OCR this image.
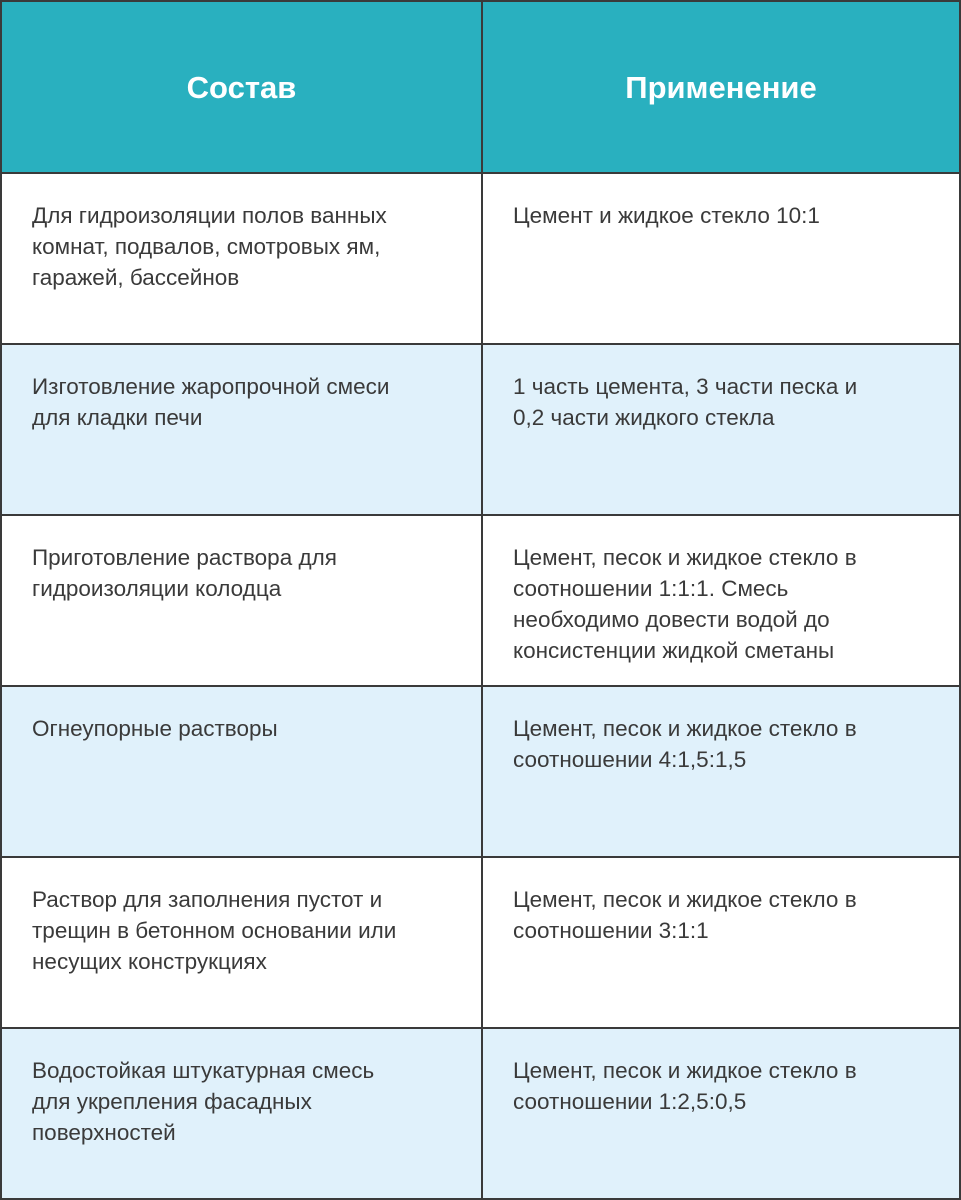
Состав	Применение
Для гидроизоляции полов ванных
комнат, подвалов, смотровых ям,
гаражей, бассейнов
Цемент и жидкое стекло 10:1
Изготовление жаропрочной смеси
для кладки печи
1 часть цемента, 3 части песка и
0,2 части жидкого стекла
Приготовление раствора для
гидроизоляции колодца
Цемент, песок и жидкое стекло в
соотношении 1:1:1. Смесь
необходимо довести водой до
консистенции жидкой сметаны
Огнеупорные растворы	Цемент, песок и жидкое стекло в
соотношении 4:1,5:1,5
Раствор для заполнения пустот и
трещин в бетонном основании или
несущих конструкциях
Цемент, песок и жидкое стекло в
соотношении 3:1:1
Водостойкая штукатурная смесь
для укрепления фасадных
поверхностей
Цемент, песок и жидкое стекло в
соотношении 1:2,5:0,5
